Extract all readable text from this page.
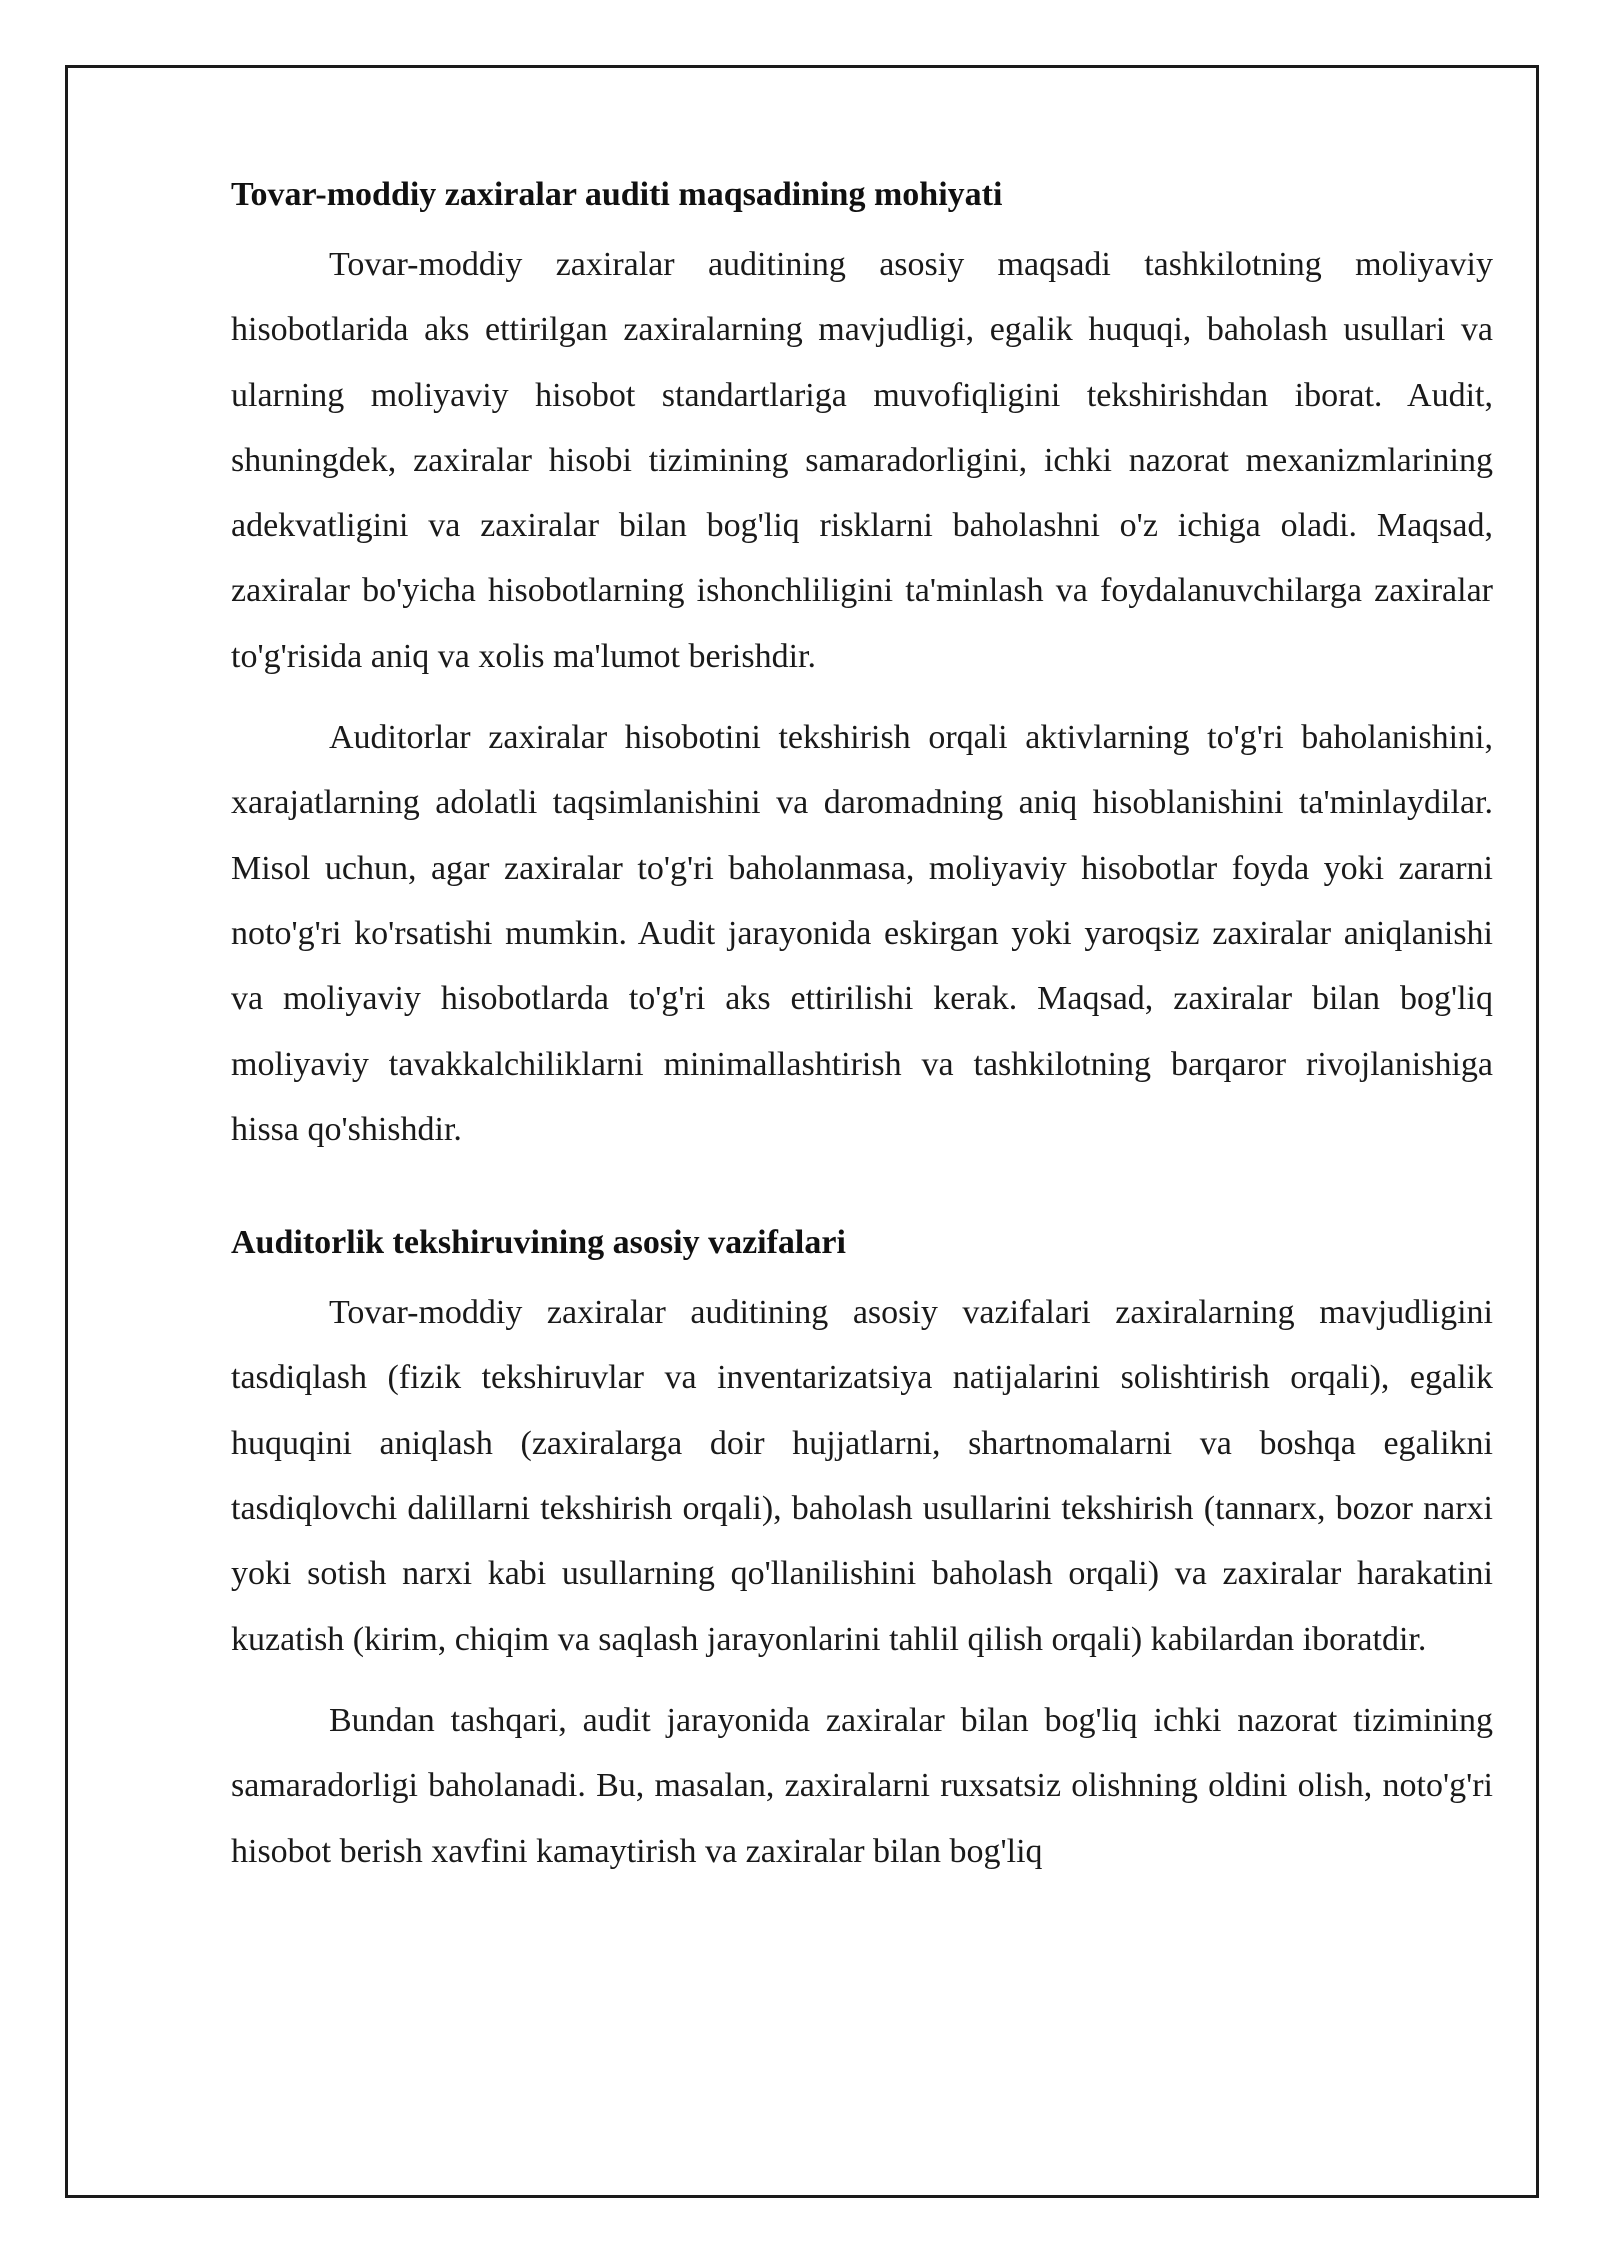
Tovar-moddiy zaxiralar auditi maqsadining mohiyati

Tovar-moddiy zaxiralar auditining asosiy maqsadi tashkilotning moliyaviy hisobotlarida aks ettirilgan zaxiralarning mavjudligi, egalik huquqi, baholash usullari va ularning moliyaviy hisobot standartlariga muvofiqligini tekshirishdan iborat. Audit, shuningdek, zaxiralar hisobi tizimining samaradorligini, ichki nazorat mexanizmlarining adekvatligini va zaxiralar bilan bog'liq risklarni baholashni o'z ichiga oladi. Maqsad, zaxiralar bo'yicha hisobotlarning ishonchliligini ta'minlash va foydalanuvchilarga zaxiralar to'g'risida aniq va xolis ma'lumot berishdir.

Auditorlar zaxiralar hisobotini tekshirish orqali aktivlarning to'g'ri baholanishini, xarajatlarning adolatli taqsimlanishini va daromadning aniq hisoblanishini ta'minlaydilar. Misol uchun, agar zaxiralar to'g'ri baholanmasa, moliyaviy hisobotlar foyda yoki zararni noto'g'ri ko'rsatishi mumkin. Audit jarayonida eskirgan yoki yaroqsiz zaxiralar aniqlanishi va moliyaviy hisobotlarda to'g'ri aks ettirilishi kerak. Maqsad, zaxiralar bilan bog'liq moliyaviy tavakkalchiliklarni minimallashtirish va tashkilotning barqaror rivojlanishiga hissa qo'shishdir.

Auditorlik tekshiruvining asosiy vazifalari

Tovar-moddiy zaxiralar auditining asosiy vazifalari zaxiralarning mavjudligini tasdiqlash (fizik tekshiruvlar va inventarizatsiya natijalarini solishtirish orqali), egalik huquqini aniqlash (zaxiralarga doir hujjatlarni, shartnomalarni va boshqa egalikni tasdiqlovchi dalillarni tekshirish orqali), baholash usullarini tekshirish (tannarx, bozor narxi yoki sotish narxi kabi usullarning qo'llanilishini baholash orqali) va zaxiralar harakatini kuzatish (kirim, chiqim va saqlash jarayonlarini tahlil qilish orqali) kabilardan iboratdir.

Bundan tashqari, audit jarayonida zaxiralar bilan bog'liq ichki nazorat tizimining samaradorligi baholanadi. Bu, masalan, zaxiralarni ruxsatsiz olishning oldini olish, noto'g'ri hisobot berish xavfini kamaytirish va zaxiralar bilan bog'liq
